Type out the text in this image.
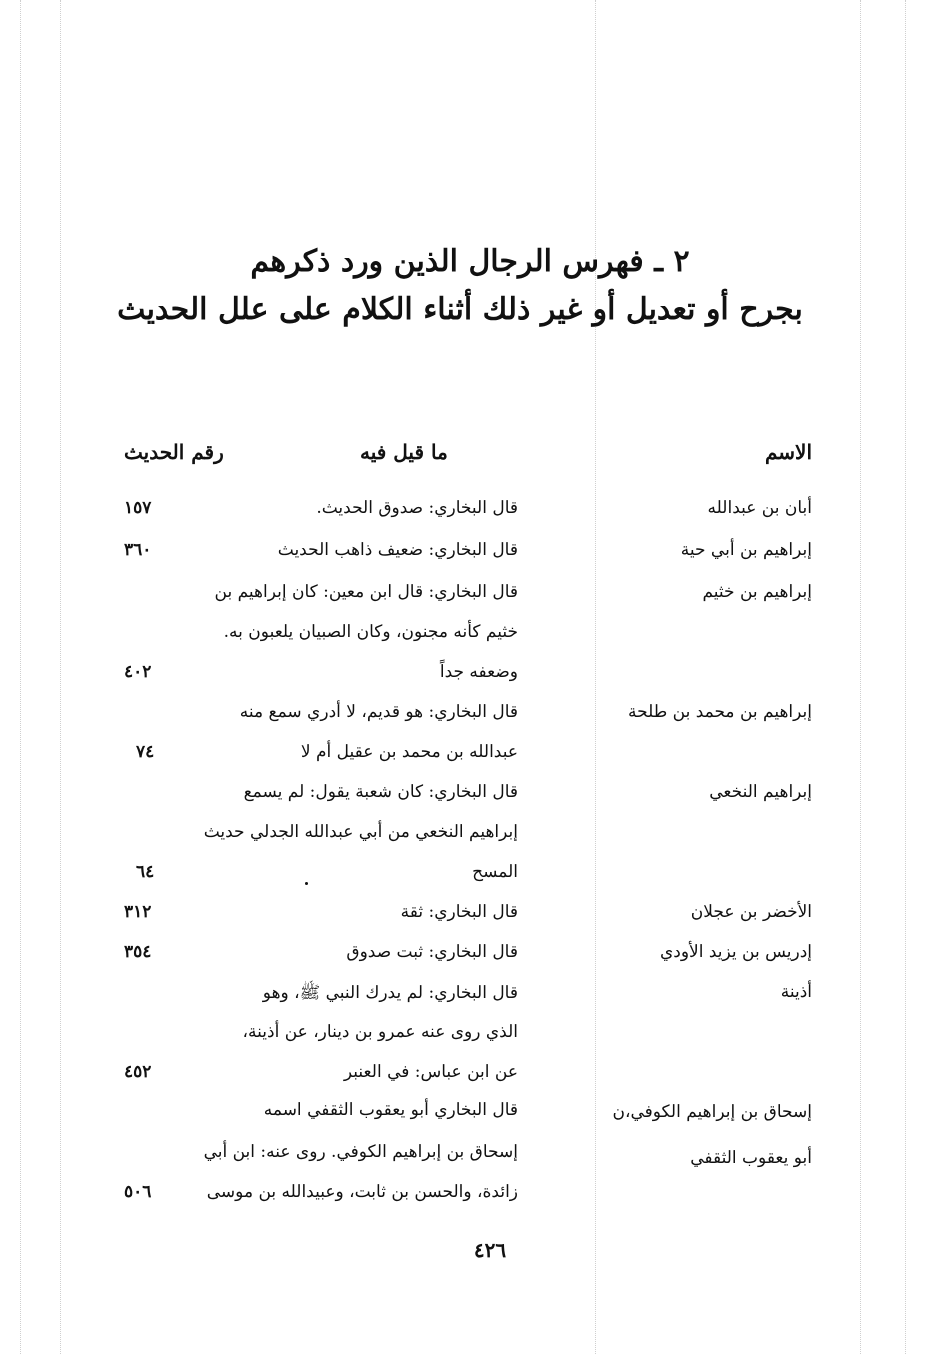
٢ ـ فهرس الرجال الذين ورد ذكرهم
بجرح أو تعديل أو غير ذلك أثناء الكلام على علل الحديث
الاسم
ما قيل فيه
رقم الحديث
أبان بن عبدالله
قال البخاري: صدوق الحديث.
١٥٧
إبراهيم بن أبي حية
قال البخاري: ضعيف ذاهب الحديث
٣٦٠
إبراهيم بن خثيم
قال البخاري: قال ابن معين: كان إبراهيم بن
خثيم كأنه مجنون، وكان الصبيان يلعبون به.
وضعفه جداً
٤٠٢
إبراهيم بن محمد بن طلحة
قال البخاري: هو قديم، لا أدري سمع منه
عبدالله بن محمد بن عقيل أم لا
٧٤
إبراهيم النخعي
قال البخاري: كان شعبة يقول: لم يسمع
إبراهيم النخعي من أبي عبدالله الجدلي حديث
المسح
٦٤
الأخضر بن عجلان
قال البخاري: ثقة
٣١٢
إدريس بن يزيد الأودي
قال البخاري: ثبت صدوق
٣٥٤
أذينة
قال البخاري: لم يدرك النبي ﷺ، وهو
الذي روى عنه عمرو بن دينار، عن أذينة،
عن ابن عباس: في العنبر
٤٥٢
إسحاق بن إبراهيم الكوفي،ن
أبو يعقوب الثقفي
قال البخاري أبو يعقوب الثقفي اسمه
إسحاق بن إبراهيم الكوفي. روى عنه: ابن أبي
زائدة، والحسن بن ثابت، وعبيدالله بن موسى
٥٠٦
٤٢٦
